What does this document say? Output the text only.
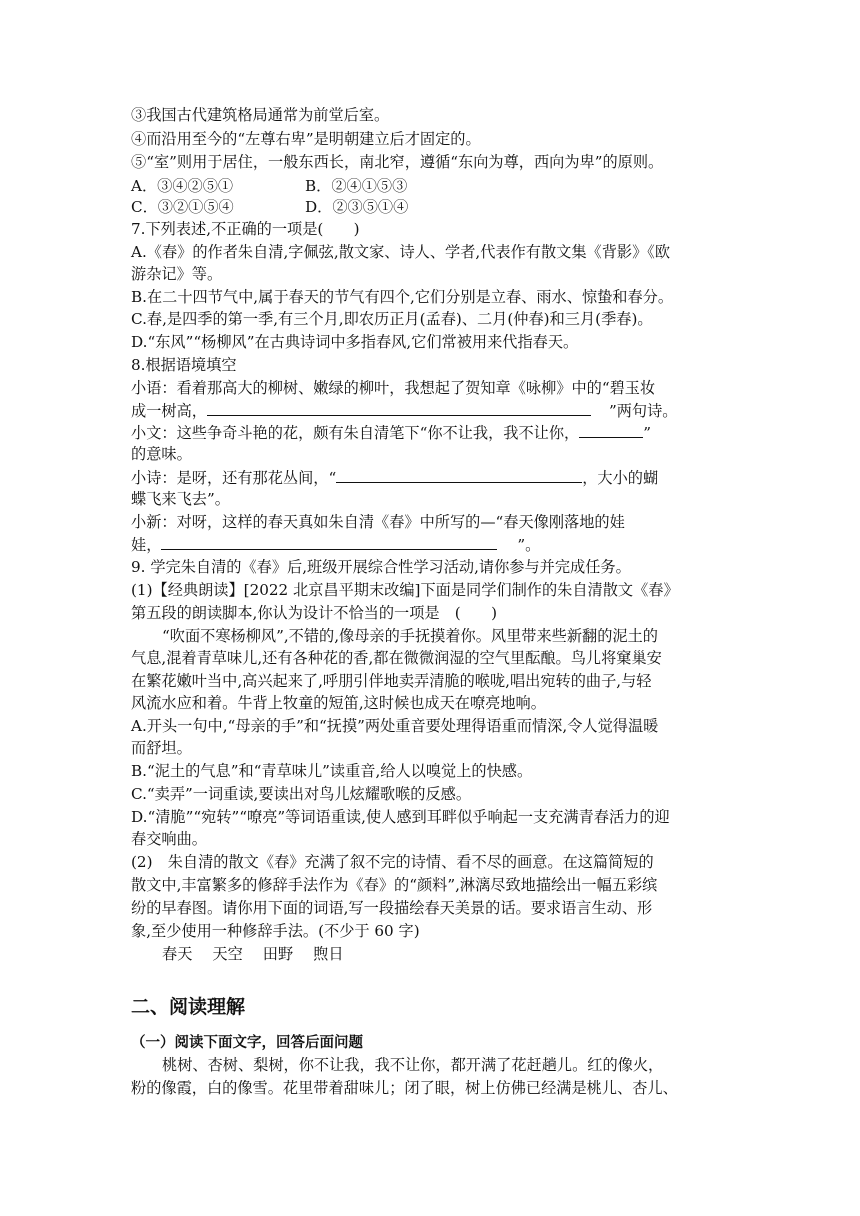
③我国古代建筑格局通常为前堂后室。
④而沿用至今的“左尊右卑”是明朝建立后才固定的。
⑤“室”则用于居住，一般东西长，南北窄，遵循“东向为尊，西向为卑”的原则。
A．③④②⑤①	B．②④①⑤③
C．③②①⑤④	D．②③⑤①④
7.下列表述,不正确的一项是(　　)
A.《春》的作者朱自清,字佩弦,散文家、诗人、学者,代表作有散文集《背影》《欧
游杂记》等。
B.在二十四节气中,属于春天的节气有四个,它们分别是立春、雨水、惊蛰和春分。
C.春,是四季的第一季,有三个月,即农历正月(孟春)、二月(仲春)和三月(季春)。
D.“东风”“杨柳风”在古典诗词中多指春风,它们常被用来代指春天。
8.根据语境填空
小语：看着那高大的柳树、嫩绿的柳叶，我想起了贺知章《咏柳》中的“碧玉妆
成一树高，	”两句诗。
小文：这些争奇斗艳的花，颇有朱自清笔下“你不让我，我不让你，	”
的意味。
小诗：是呀，还有那花丛间，“	，大小的蝴
蝶飞来飞去”。
小新：对呀，这样的春天真如朱自清《春》中所写的—“春天像刚落地的娃
娃，	”。
9. 学完朱自清的《春》后,班级开展综合性学习活动,请你参与并完成任务。
(1)【经典朗读】[2022 北京昌平期末改编]下面是同学们制作的朱自清散文《春》
第五段的朗读脚本,你认为设计不恰当的一项是　(　　)
“吹面不寒杨柳风”,不错的,像母亲的手抚摸着你。风里带来些新翻的泥土的
气息,混着青草味儿,还有各种花的香,都在微微润湿的空气里酝酿。鸟儿将窠巢安
在繁花嫩叶当中,高兴起来了,呼朋引伴地卖弄清脆的喉咙,唱出宛转的曲子,与轻
风流水应和着。牛背上牧童的短笛,这时候也成天在嘹亮地响。
A.开头一句中,“母亲的手”和“抚摸”两处重音要处理得语重而情深,令人觉得温暖
而舒坦。
B.“泥土的气息”和“青草味儿”读重音,给人以嗅觉上的快感。
C.“卖弄”一词重读,要读出对鸟儿炫耀歌喉的反感。
D.“清脆”“宛转”“嘹亮”等词语重读,使人感到耳畔似乎响起一支充满青春活力的迎
春交响曲。
(2)　朱自清的散文《春》充满了叙不完的诗情、看不尽的画意。在这篇简短的
散文中,丰富繁多的修辞手法作为《春》的“颜料”,淋漓尽致地描绘出一幅五彩缤
纷的早春图。请你用下面的词语,写一段描绘春天美景的话。要求语言生动、形
象,至少使用一种修辞手法。(不少于 60 字)
春天 天空 田野 煦日
二、阅读理解
（一）阅读下面文字，回答后面问题
桃树、杏树、梨树，你不让我，我不让你，都开满了花赶趟儿。红的像火，
粉的像霞，白的像雪。花里带着甜味儿；闭了眼，树上仿佛已经满是桃儿、杏儿、
